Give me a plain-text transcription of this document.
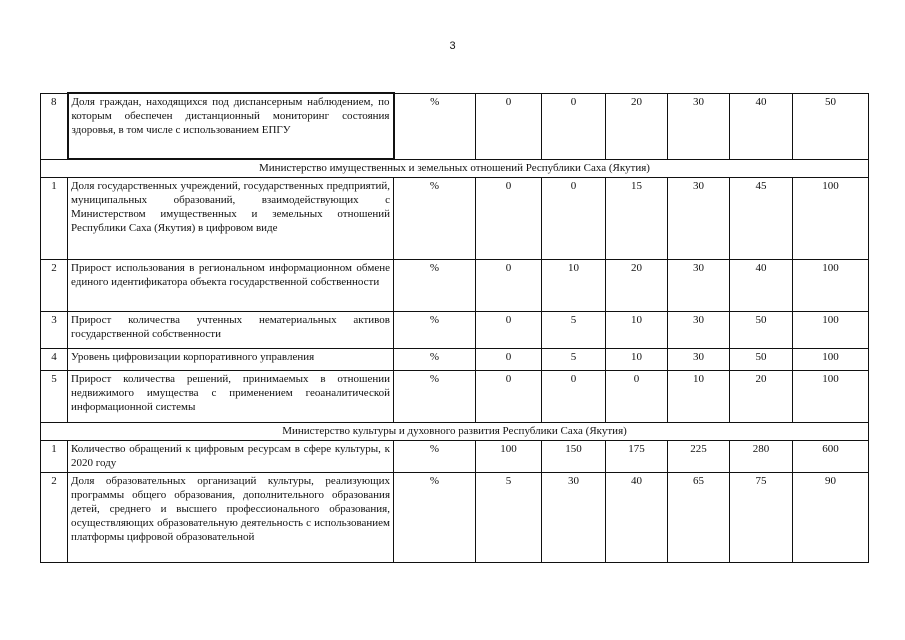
3
8	Доля граждан, находящихся под диспансерным наблюдением, по которым обеспечен дистанционный мониторинг состояния здоровья, в том числе с использованием ЕПГУ	%	0	0	20	30	40	50
Министерство имущественных и земельных отношений Республики Саха (Якутия)								
1	Доля государственных учреждений, государственных предприятий, муниципальных образований, взаимодействующих с Министерством имущественных и земельных отношений Республики Саха (Якутия) в цифровом виде	%	0	0	15	30	45	100
2	Прирост использования в региональном информационном обмене единого идентификатора объекта государственной собственности	%	0	10	20	30	40	100
3	Прирост количества учтенных нематериальных активов государственной собственности	%	0	5	10	30	50	100
4	Уровень цифровизации корпоративного управления	%	0	5	10	30	50	100
5	Прирост количества решений, принимаемых в отношении недвижимого имущества с применением геоаналитической информационной системы	%	0	0	0	10	20	100
Министерство культуры и духовного развития Республики Саха (Якутия)								
1	Количество обращений к цифровым ресурсам в сфере культуры, к 2020 году	%	100	150	175	225	280	600
2	Доля образовательных организаций культуры, реализующих программы общего образования, дополнительного образования детей, среднего и высшего профессионального образования, осуществляющих образовательную деятельность с использованием платформы цифровой образовательной	%	5	30	40	65	75	90
